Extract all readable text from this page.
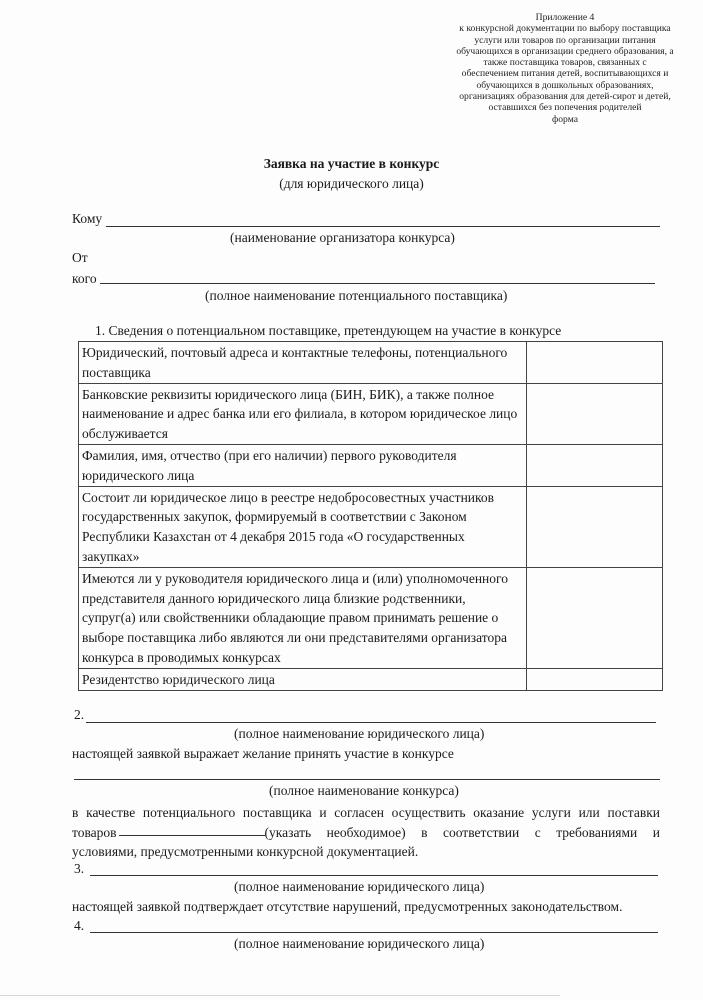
Приложение 4
к конкурсной документации по выбору поставщика
услуги или товаров по организации питания
обучающихся в организации среднего образования, а
также поставщика товаров, связанных с
обеспечением питания детей, воспитывающихся и
обучающихся в дошкольных образованиях,
организациях образования для детей-сирот и детей,
оставшихся без попечения родителей
форма
Заявка на участие в конкурс
(для юридического лица)
Кому
(наименование организатора конкурса)
От
кого
(полное наименование потенциального поставщика)
1. Сведения о потенциальном поставщике, претендующем на участие в конкурсе
Юридический, почтовый адреса и контактные телефоны, потенциального поставщика	
Банковские реквизиты юридического лица (БИН, БИК), а также полное наименование и адрес банка или его филиала, в котором юридическое лицо обслуживается	
Фамилия, имя, отчество (при его наличии) первого руководителя юридического лица	
Состоит ли юридическое лицо в реестре недобросовестных участников государственных закупок, формируемый в соответствии с Законом Республики Казахстан от 4 декабря 2015 года «О государственных закупках»	
Имеются ли у руководителя юридического лица и (или) уполномоченного представителя данного юридического лица близкие родственники, супруг(а) или свойственники обладающие правом принимать решение о выборе поставщика либо являются ли они представителями организатора конкурса в проводимых конкурсах	
Резидентство юридического лица	
2.
(полное наименование юридического лица)
настоящей заявкой выражает желание принять участие в конкурсе
(полное наименование конкурса)
в качестве потенциального поставщика и согласен осуществить оказание услуги или поставки
товаров	(указать необходимое) в соответствии с требованиями и
условиями, предусмотренными конкурсной документацией.
3.
(полное наименование юридического лица)
настоящей заявкой подтверждает отсутствие нарушений, предусмотренных законодательством.
4.
(полное наименование юридического лица)
